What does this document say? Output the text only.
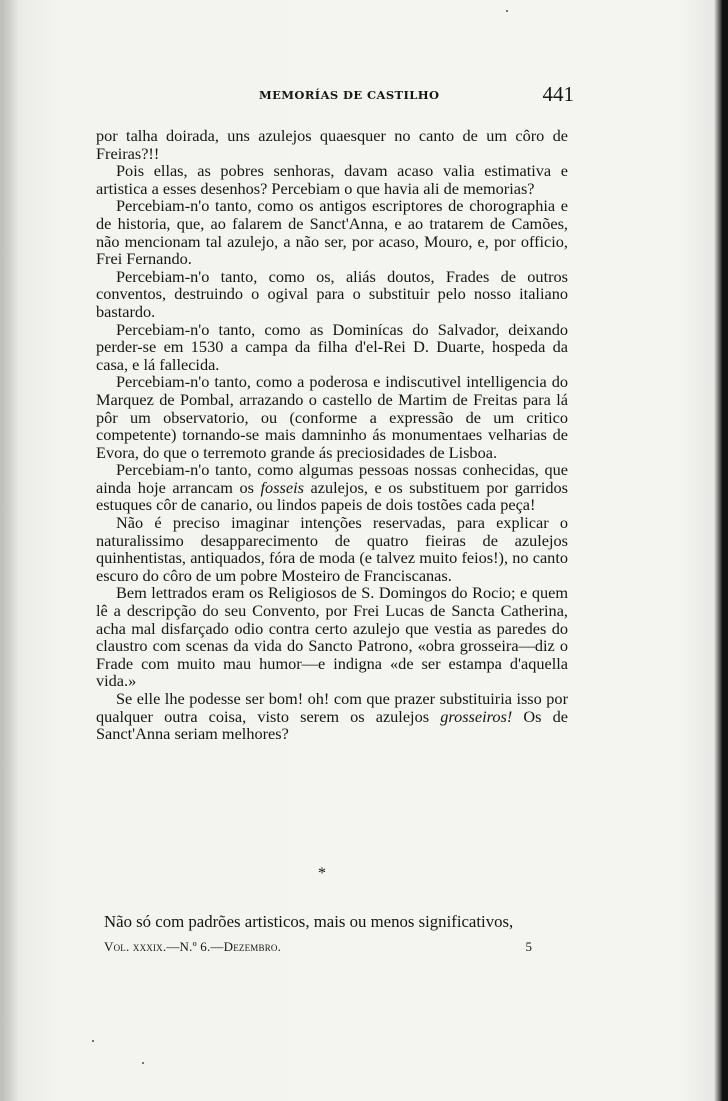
MEMORÍAS DE CASTILHO	441

por talha doirada, uns azulejos quaesquer no canto de um côro de Freiras?!!

Pois ellas, as pobres senhoras, davam acaso valia estimativa e artistica a esses desenhos? Percebiam o que havia ali de memorias?

Percebiam-n'o tanto, como os antigos escriptores de chorographia e de historia, que, ao falarem de Sanct'Anna, e ao tratarem de Camões, não mencionam tal azulejo, a não ser, por acaso, Mouro, e, por officio, Frei Fernando.

Percebiam-n'o tanto, como os, aliás doutos, Frades de outros conventos, destruindo o ogival para o substituir pelo nosso italiano bastardo.

Percebiam-n'o tanto, como as Dominícas do Salvador, deixando perder-se em 1530 a campa da filha d'el-Rei D. Duarte, hospeda da casa, e lá fallecida.

Percebiam-n'o tanto, como a poderosa e indiscutivel intelligencia do Marquez de Pombal, arrazando o castello de Martim de Freitas para lá pôr um observatorio, ou (conforme a expressão de um critico competente) tornando-se mais damninho ás monumentaes velharias de Evora, do que o terremoto grande ás preciosidades de Lisboa.

Percebiam-n'o tanto, como algumas pessoas nossas conhecidas, que ainda hoje arrancam os fosseis azulejos, e os substituem por garridos estuques côr de canario, ou lindos papeis de dois tostões cada peça!

Não é preciso imaginar intenções reservadas, para explicar o naturalissimo desapparecimento de quatro fieiras de azulejos quinhentistas, antiquados, fóra de moda (e talvez muito feios!), no canto escuro do côro de um pobre Mosteiro de Franciscanas.

Bem lettrados eram os Religiosos de S. Domingos do Rocio; e quem lê a descripção do seu Convento, por Frei Lucas de Sancta Catherina, acha mal disfarçado odio contra certo azulejo que vestia as paredes do claustro com scenas da vida do Sancto Patrono, «obra grosseira—diz o Frade com muito mau humor—e indigna «de ser estampa d'aquella vida.»

Se elle lhe podesse ser bom! oh! com que prazer substituiria isso por qualquer outra coisa, visto serem os azulejos grosseiros! Os de Sanct'Anna seriam melhores?

*
Não só com padrões artisticos, mais ou menos significativos,
Vol. xxxix.—N.º 6.—Dezembro.	5
